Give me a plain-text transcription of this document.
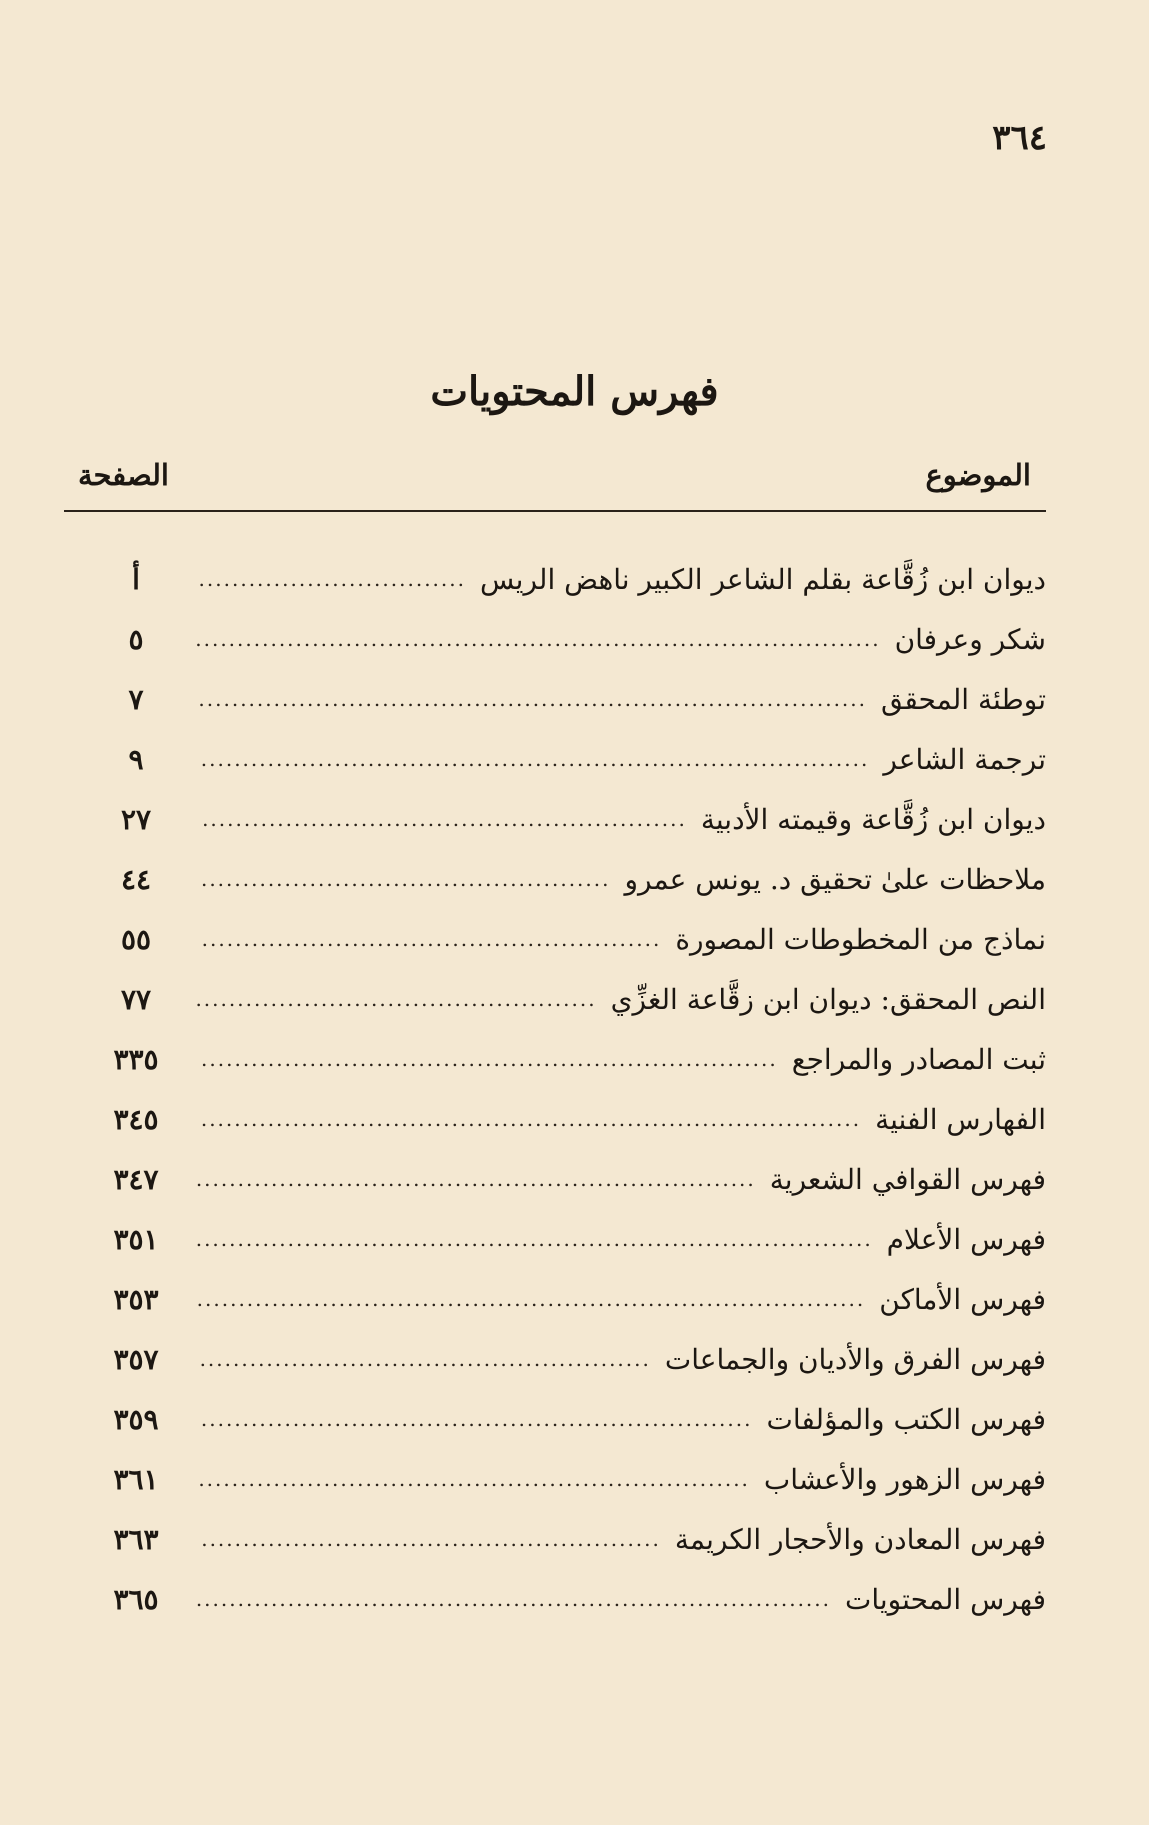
٣٦٤
فهرس المحتويات
الموضوع
الصفحة
ديوان ابن زُقَّاعة بقلم الشاعر الكبير ناهض الريس
................................
أ
شكر وعرفان
..................................................................................
٥
توطئة المحقق
................................................................................
٧
ترجمة الشاعر
................................................................................
٩
ديوان ابن زُقَّاعة وقيمته الأدبية
..........................................................
٢٧
ملاحظات علىٰ تحقيق د. يونس عمرو
.................................................
٤٤
نماذج من المخطوطات المصورة
.......................................................
٥٥
النص المحقق: ديوان ابن زقَّاعة الغزِّي
................................................
٧٧
ثبت المصادر والمراجع
.....................................................................
٣٣٥
الفهارس الفنية
...............................................................................
٣٤٥
فهرس القوافي الشعرية
...................................................................
٣٤٧
فهرس الأعلام
.................................................................................
٣٥١
فهرس الأماكن
................................................................................
٣٥٣
فهرس الفرق والأديان والجماعات
......................................................
٣٥٧
فهرس الكتب والمؤلفات
..................................................................
٣٥٩
فهرس الزهور والأعشاب
..................................................................
٣٦١
فهرس المعادن والأحجار الكريمة
.......................................................
٣٦٣
فهرس المحتويات
............................................................................
٣٦٥
